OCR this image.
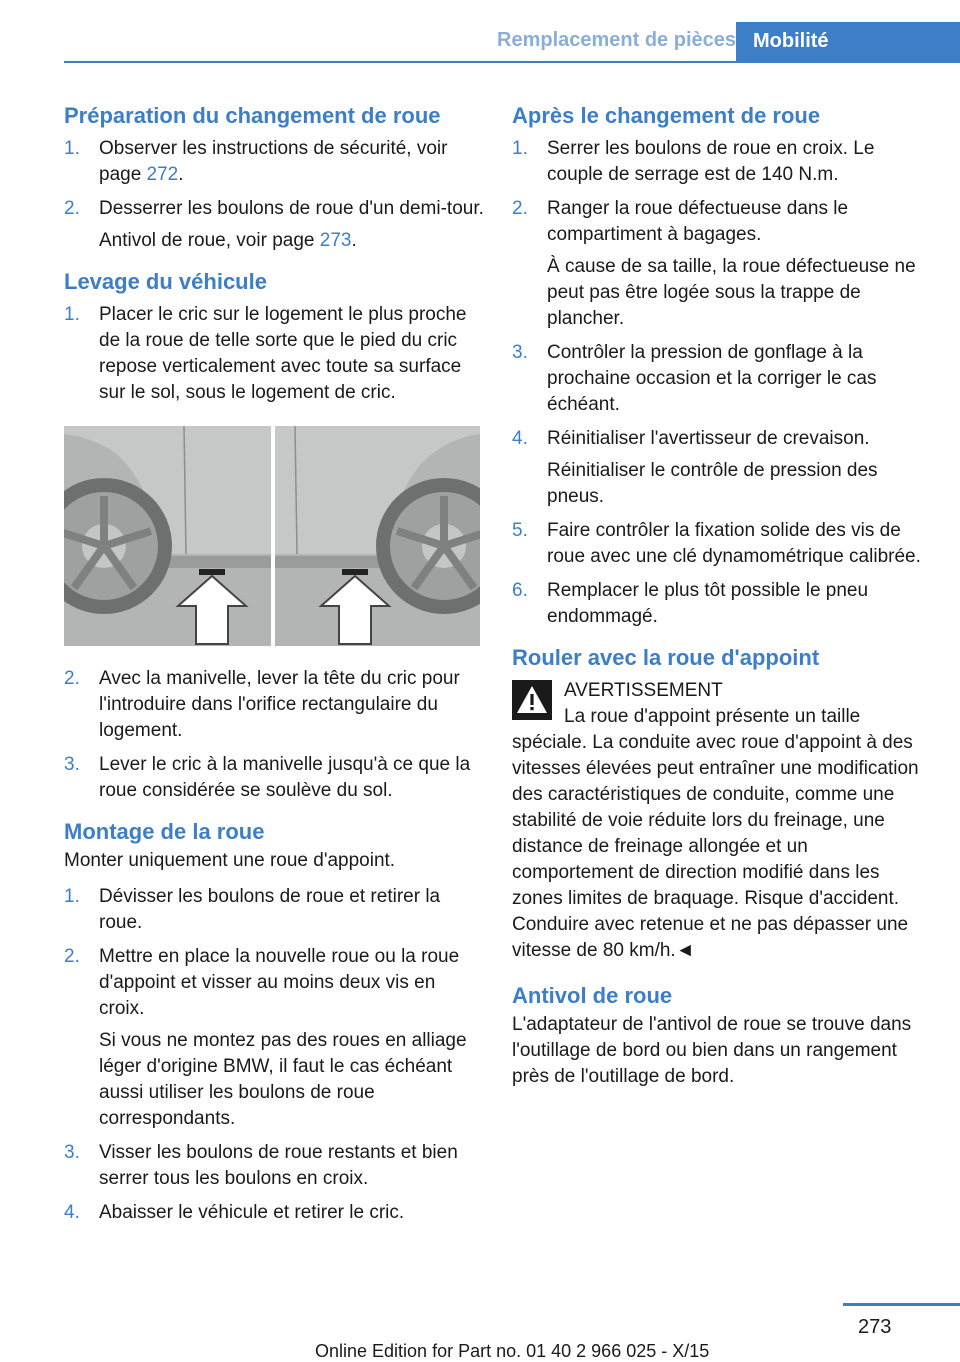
Remplacement de pièces Mobilité
Préparation du changement de roue
1. Observer les instructions de sécurité, voir page 272.
2. Desserrer les boulons de roue d'un demi-tour.
Antivol de roue, voir page 273.
Levage du véhicule
1. Placer le cric sur le logement le plus proche de la roue de telle sorte que le pied du cric repose verticalement avec toute sa surface sur le sol, sous le logement de cric.
2. Avec la manivelle, lever la tête du cric pour l'introduire dans l'orifice rectangulaire du logement.
3. Lever le cric à la manivelle jusqu'à ce que la roue considérée se soulève du sol.
Montage de la roue

Monter uniquement une roue d'appoint.

1. Dévisser les boulons de roue et retirer la roue.
2. Mettre en place la nouvelle roue ou la roue d'appoint et visser au moins deux vis en croix.
Si vous ne montez pas des roues en alliage léger d'origine BMW, il faut le cas échéant aussi utiliser les boulons de roue correspondants.
3. Visser les boulons de roue restants et bien serrer tous les boulons en croix.
4. Abaisser le véhicule et retirer le cric.
Après le changement de roue
1. Serrer les boulons de roue en croix. Le couple de serrage est de 140 N.m.
2. Ranger la roue défectueuse dans le compartiment à bagages.
À cause de sa taille, la roue défectueuse ne peut pas être logée sous la trappe de plancher.
3. Contrôler la pression de gonflage à la prochaine occasion et la corriger le cas échéant.
4. Réinitialiser l'avertisseur de crevaison.
Réinitialiser le contrôle de pression des pneus.
5. Faire contrôler la fixation solide des vis de roue avec une clé dynamométrique calibrée.
6. Remplacer le plus tôt possible le pneu endommagé.
Rouler avec la roue d'appoint
AVERTISSEMENT
La roue d'appoint présente un taille spéciale. La conduite avec roue d'appoint à des vitesses élevées peut entraîner une modification des caractéristiques de conduite, comme une stabilité de voie réduite lors du freinage, une distance de freinage allongée et un comportement de direction modifié dans les zones limites de braquage. Risque d'accident. Conduire avec retenue et ne pas dépasser une vitesse de 80 km/h.◄
Antivol de roue

L'adaptateur de l'antivol de roue se trouve dans l'outillage de bord ou bien dans un rangement près de l'outillage de bord.

273
Online Edition for Part no. 01 40 2 966 025 - X/15
